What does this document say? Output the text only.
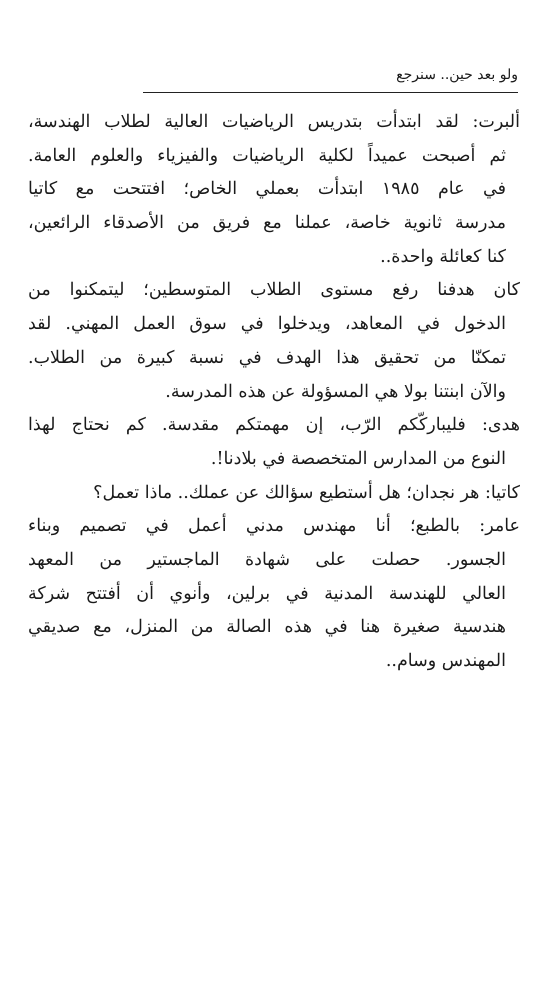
ولو بعد حين.. سنرجع
ألبرت: لقد ابتدأت بتدريس الرياضيات العالية لطلاب الهندسة،
ثم أصبحت عميداً لكلية الرياضيات والفيزياء والعلوم العامة.
في عام ١٩٨٥ ابتدأت بعملي الخاص؛ افتتحت مع كاتيا
مدرسة ثانوية خاصة، عملنا مع فريق من الأصدقاء الرائعين،
كنا كعائلة واحدة..
كان هدفنا رفع مستوى الطلاب المتوسطين؛ ليتمكنوا من
الدخول في المعاهد، ويدخلوا في سوق العمل المهني. لقد
تمكنّا من تحقيق هذا الهدف في نسبة كبيرة من الطلاب.
والآن ابنتنا بولا هي المسؤولة عن هذه المدرسة.
هدى: فليباركّكم الرّب، إن مهمتكم مقدسة. كم نحتاج لهذا
النوع من المدارس المتخصصة في بلادنا!.
كاتيا: هر نجدان؛ هل أستطيع سؤالك عن عملك.. ماذا تعمل؟
عامر: بالطبع؛ أنا مهندس مدني أعمل في تصميم وبناء
الجسور. حصلت على شهادة الماجستير من المعهد
العالي للهندسة المدنية في برلين، وأنوي أن أفتتح شركة
هندسية صغيرة هنا في هذه الصالة من المنزل، مع صديقي
المهندس وسام..
